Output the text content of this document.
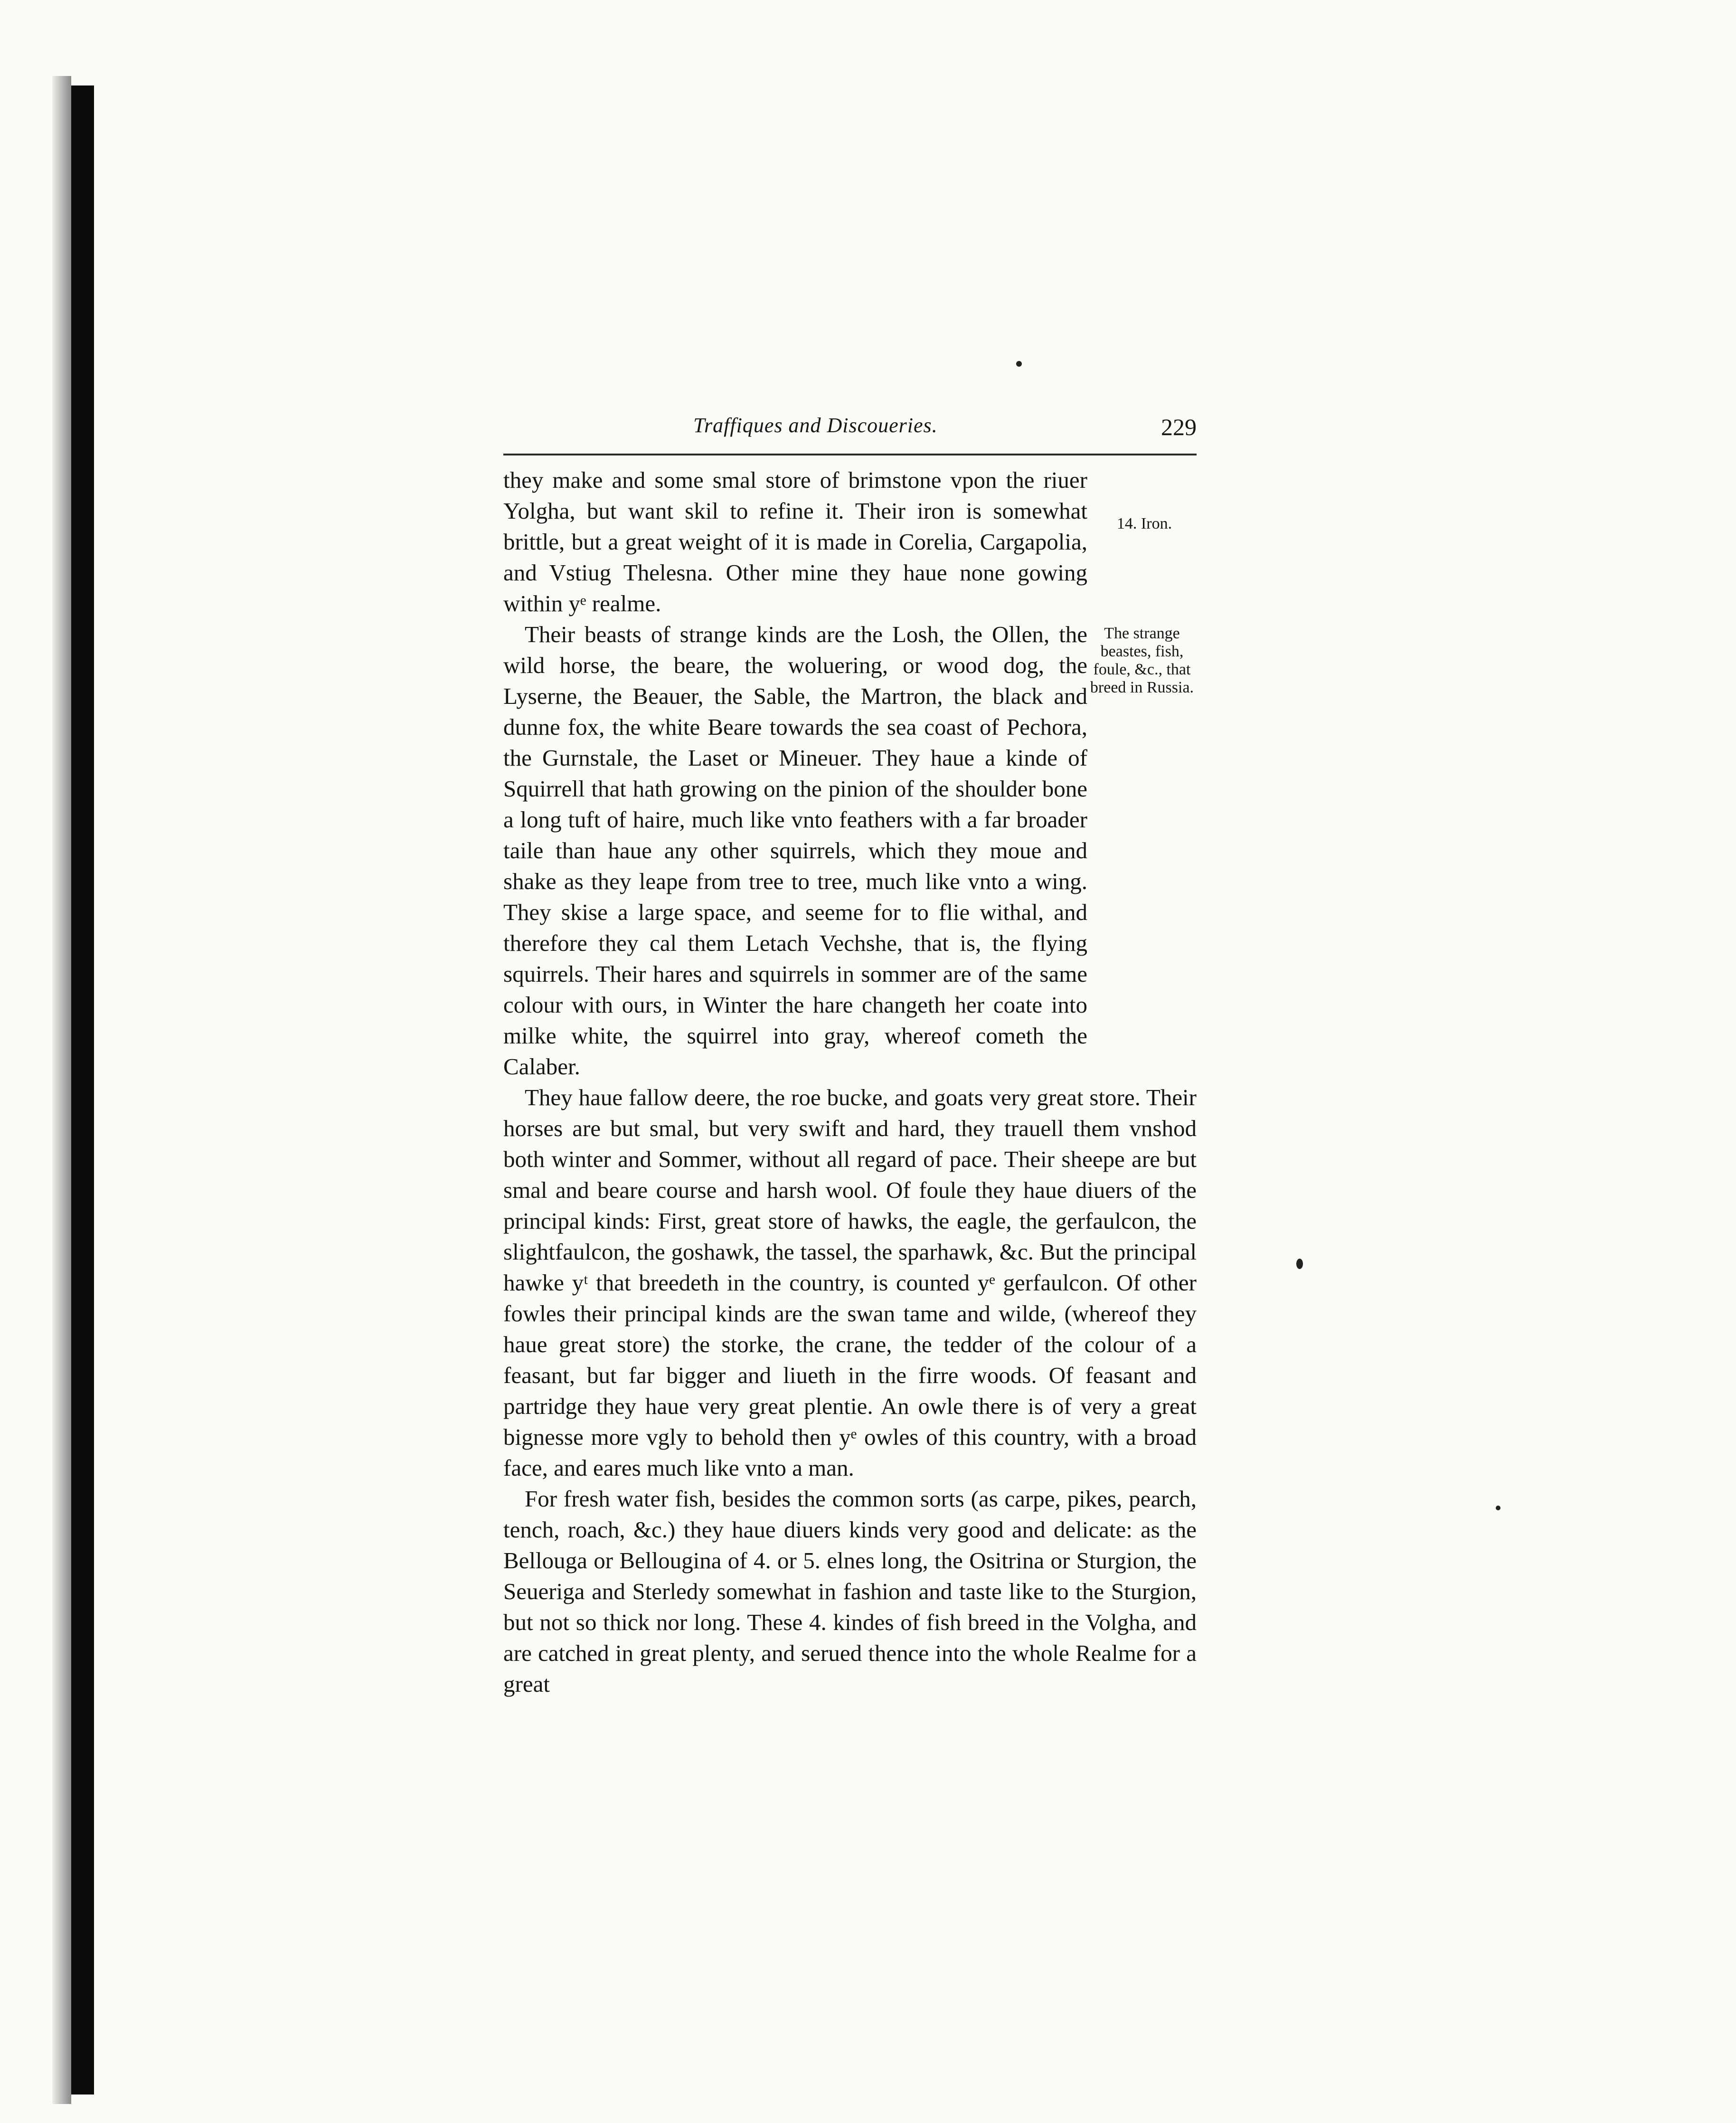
Traffiques and Discoueries.	229
14. Iron.
The strange beastes, fish, foule, &c., that breed in Russia.

they make and some smal store of brimstone vpon the riuer Yolgha, but want skil to refine it. Their iron is somewhat brittle, but a great weight of it is made in Corelia, Cargapolia, and Vstiug Thelesna. Other mine they haue none gowing within yᵉ realme.

Their beasts of strange kinds are the Losh, the Ollen, the wild horse, the beare, the woluering, or wood dog, the Lyserne, the Beauer, the Sable, the Martron, the black and dunne fox, the white Beare towards the sea coast of Pechora, the Gurnstale, the Laset or Mineuer. They haue a kinde of Squirrell that hath growing on the pinion of the shoulder bone a long tuft of haire, much like vnto feathers with a far broader taile than haue any other squirrels, which they moue and shake as they leape from tree to tree, much like vnto a wing. They skise a large space, and seeme for to flie withal, and therefore they cal them Letach Vechshe, that is, the flying squirrels. Their hares and squirrels in sommer are of the same colour with ours, in Winter the hare changeth her coate into milke white, the squirrel into gray, whereof cometh the Calaber.

They haue fallow deere, the roe bucke, and goats very great store. Their horses are but smal, but very swift and hard, they trauell them vnshod both winter and Sommer, without all regard of pace. Their sheepe are but smal and beare course and harsh wool. Of foule they haue diuers of the principal kinds: First, great store of hawks, the eagle, the gerfaulcon, the slightfaulcon, the goshawk, the tassel, the sparhawk, &c. But the principal hawke yᵗ that breedeth in the country, is counted yᵉ gerfaulcon. Of other fowles their principal kinds are the swan tame and wilde, (whereof they haue great store) the storke, the crane, the tedder of the colour of a feasant, but far bigger and liueth in the firre woods. Of feasant and partridge they haue very great plentie. An owle there is of very a great bignesse more vgly to behold then yᵉ owles of this country, with a broad face, and eares much like vnto a man.

For fresh water fish, besides the common sorts (as carpe, pikes, pearch, tench, roach, &c.) they haue diuers kinds very good and delicate: as the Bellouga or Bellougina of 4. or 5. elnes long, the Ositrina or Sturgion, the Seueriga and Sterledy somewhat in fashion and taste like to the Sturgion, but not so thick nor long. These 4. kindes of fish breed in the Volgha, and are catched in great plenty, and serued thence into the whole Realme for a great
